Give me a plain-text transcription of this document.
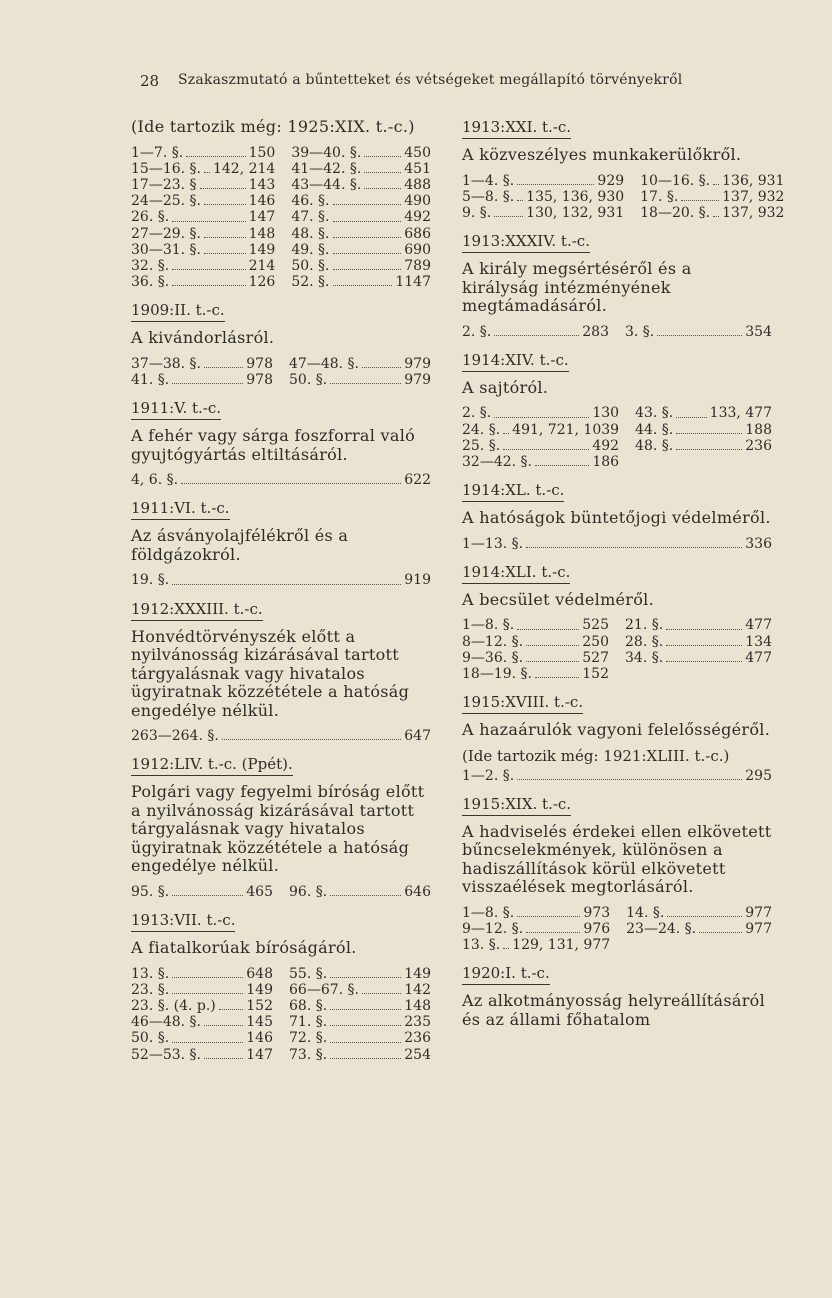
28 Szakaszmutató a bűntetteket és vétségeket megállapító törvényekről
(Ide tartozik még: 1925:XIX. t.-c.)
1—7. §.	150 39—40. §.	450
15—16. §. 142, 214 41—42. §.	451
17—23. §	143 43—44. §.	488
24—25. §.	146 46. §.	490
26. §.	147 47. §.	492
27—29. §.	148 48. §.	686
30—31. §.	149 49. §.	690
32. §.	214 50. §.	789
36. §.	126 52. §.	1147
1909:II. t.-c.
A kivándorlásról.
37—38. §.	978 47—48. §.	979
41. §.	978 50. §.	979
1911:V. t.-c.
A fehér vagy sárga foszforral való gyujtógyártás eltiltásáról.
4, 6. §.	622
1911:VI. t.-c.
Az ásványolajfélékről és a földgázokról.
19. §.	919
1912:XXXIII. t.-c.
Honvédtörvényszék előtt a nyilvánosság kizárásával tartott tárgyalásnak vagy hivatalos ügyiratnak közzététele a hatóság engedélye nélkül.
263—264. §.	647
1912:LIV. t.-c. (Ppét).
Polgári vagy fegyelmi bíróság előtt a nyilvánosság kizárásával tartott tárgyalásnak vagy hivatalos ügyiratnak közzététele a hatóság engedélye nélkül.
95. §.	465 96. §.	646
1913:VII. t.-c.
A fiatalkorúak bíróságáról.
13. §.	648 55. §.	149
23. §.	149 66—67. §.	142
23. §. (4. p.) 152 68. §.	148
46—48. §.	145 71. §.	235
50. §.	146 72. §.	236
52—53. §.	147 73. §.	254
1913:XXI. t.-c.
A közveszélyes munkakerülőkről.
1—4. §.	929 10—16. §. 136, 931
5—8. §. 135, 136, 930 17. §.	137, 932
9. §. 130, 132, 931 18—20. §. 137, 932
1913:XXXIV. t.-c.
A király megsértéséről és a királyság intézményének megtámadásáról.
2. §.	283 3. §.	354
1914:XIV. t.-c.
A sajtóról.
2. §.	130 43. §.	133, 477
24. §. 491, 721, 1039 44. §.	188
25. §.	492 48. §.	236
32—42. §.	186
1914:XL. t.-c.
A hatóságok büntetőjogi védelméről.
1—13. §.	336
1914:XLI. t.-c.
A becsület védelméről.
1—8. §.	525 21. §.	477
8—12. §.	250 28. §.	134
9—36. §.	527 34. §.	477
18—19. §.	152
1915:XVIII. t.-c.
A hazaárulók vagyoni felelősségéről.
(Ide tartozik még: 1921:XLIII. t.-c.)
1—2. §.	295
1915:XIX. t.-c.
A hadviselés érdekei ellen elkövetett bűncselekmények, különösen a hadiszállítások körül elkövetett visszaélések megtorlásáról.
1—8. §.	973 14. §.	977
9—12. §.	976 23—24. §.	977
13. §. 129, 131, 977
1920:I. t.-c.
Az alkotmányosság helyreállításáról és az állami főhatalom
